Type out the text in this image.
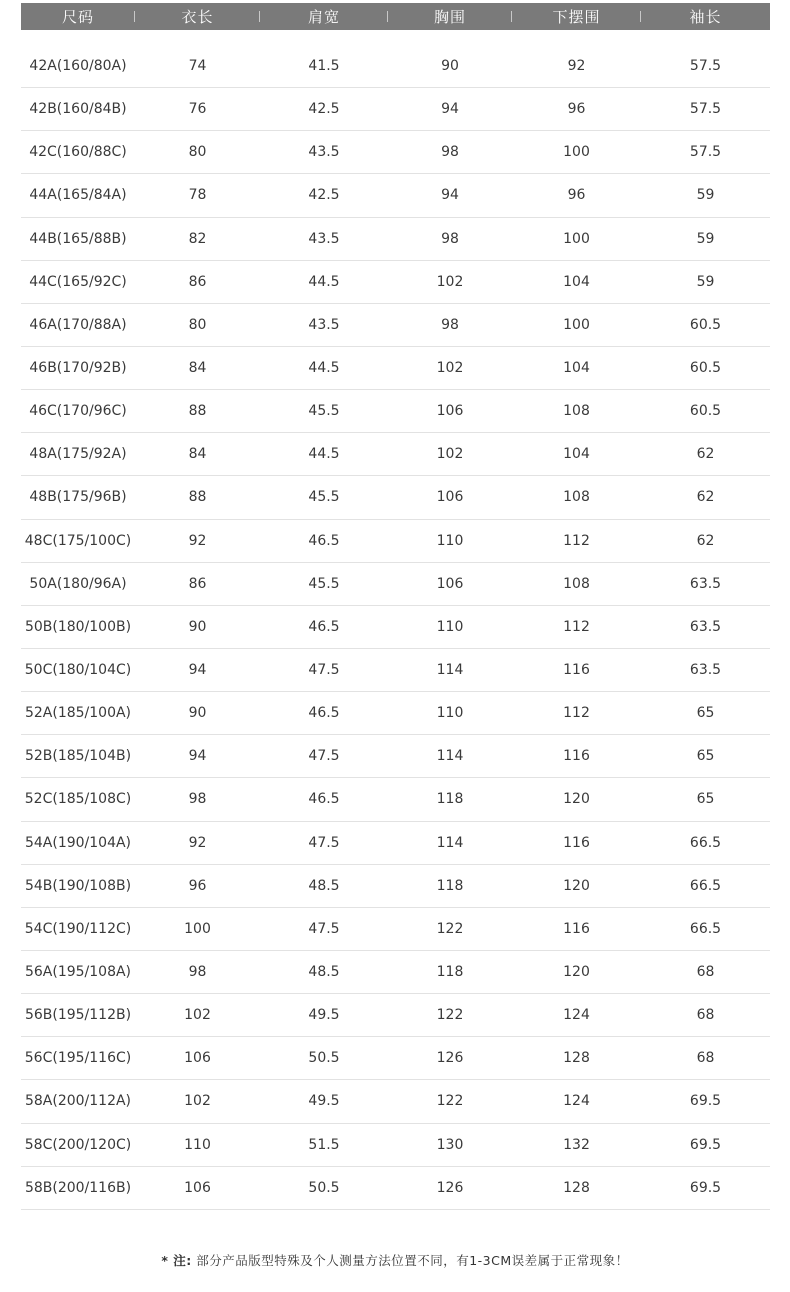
尺码	衣长	肩宽	胸围	下摆围	袖长
42A(160/80A)	74	41.5	90	92	57.5
42B(160/84B)	76	42.5	94	96	57.5
42C(160/88C)	80	43.5	98	100	57.5
44A(165/84A)	78	42.5	94	96	59
44B(165/88B)	82	43.5	98	100	59
44C(165/92C)	86	44.5	102	104	59
46A(170/88A)	80	43.5	98	100	60.5
46B(170/92B)	84	44.5	102	104	60.5
46C(170/96C)	88	45.5	106	108	60.5
48A(175/92A)	84	44.5	102	104	62
48B(175/96B)	88	45.5	106	108	62
48C(175/100C)	92	46.5	110	112	62
50A(180/96A)	86	45.5	106	108	63.5
50B(180/100B)	90	46.5	110	112	63.5
50C(180/104C)	94	47.5	114	116	63.5
52A(185/100A)	90	46.5	110	112	65
52B(185/104B)	94	47.5	114	116	65
52C(185/108C)	98	46.5	118	120	65
54A(190/104A)	92	47.5	114	116	66.5
54B(190/108B)	96	48.5	118	120	66.5
54C(190/112C)	100	47.5	122	116	66.5
56A(195/108A)	98	48.5	118	120	68
56B(195/112B)	102	49.5	122	124	68
56C(195/116C)	106	50.5	126	128	68
58A(200/112A)	102	49.5	122	124	69.5
58C(200/120C)	110	51.5	130	132	69.5
58B(200/116B)	106	50.5	126	128	69.5
* 注: 部分产品版型特殊及个人测量方法位置不同，有1-3CM误差属于正常现象！
